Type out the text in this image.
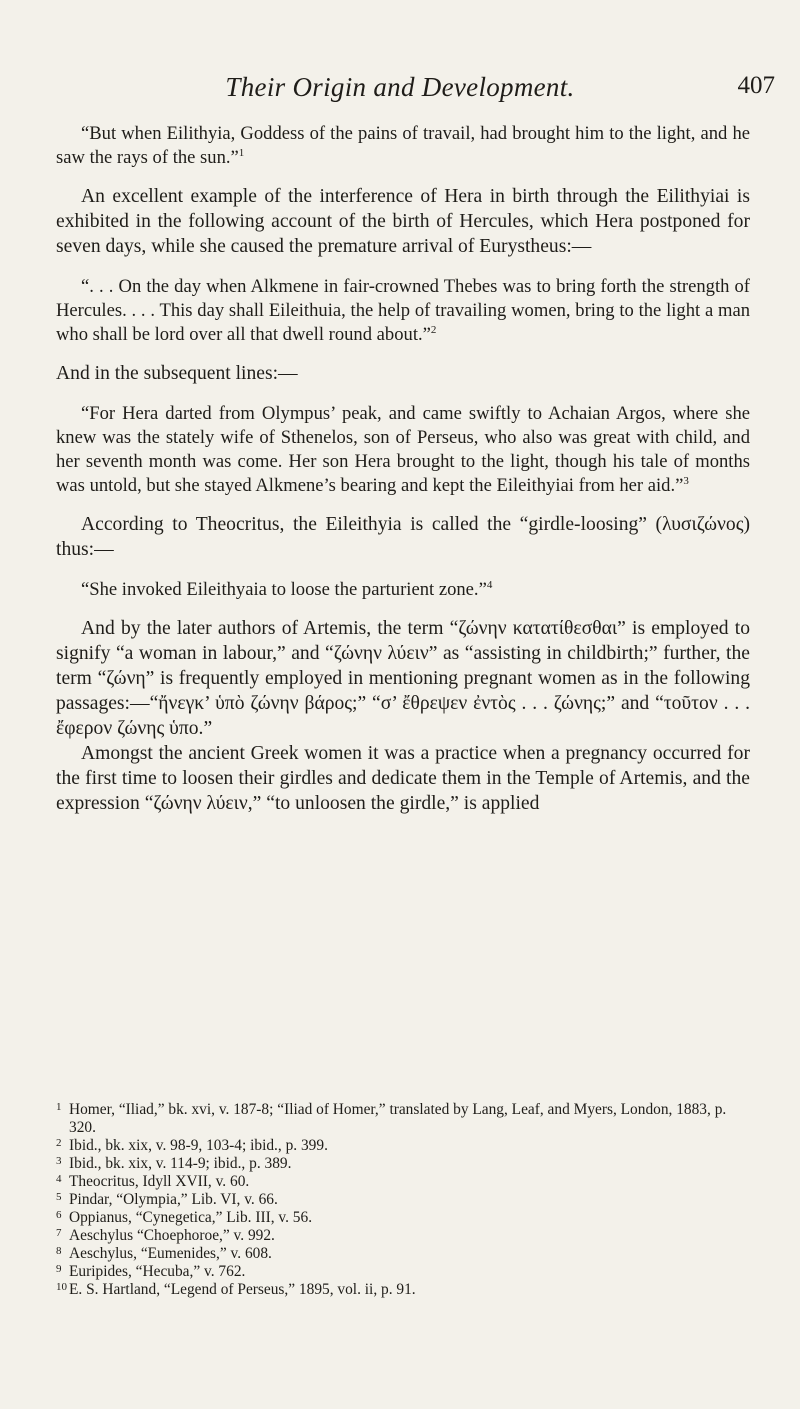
Their Origin and Development.	407

“But when Eilithyia, Goddess of the pains of travail, had brought him to the light, and he saw the rays of the sun.”$^1$

An excellent example of the interference of Hera in birth through the Eilithyiai is exhibited in the following account of the birth of Hercules, which Hera postponed for seven days, while she caused the premature arrival of Eurystheus:—

“. . . On the day when Alkmene in fair-crowned Thebes was to bring forth the strength of Hercules. . . . This day shall Eileithuia, the help of travailing women, bring to the light a man who shall be lord over all that dwell round about.”$^2$

And in the subsequent lines:—

“For Hera darted from Olympus’ peak, and came swiftly to Achaian Argos, where she knew was the stately wife of Sthenelos, son of Perseus, who also was great with child, and her seventh month was come. Her son Hera brought to the light, though his tale of months was untold, but she stayed Alkmene’s bearing and kept the Eileithyiai from her aid.”$^3$

According to Theocritus, the Eileithyia is called the “girdle-loosing” (λυσιζώνος) thus:—

“She invoked Eileithyaia to loose the parturient zone.”$^4$

And by the later authors of Artemis, the term “ζώνην κατατίθεσθαι” is employed to signify “a woman in labour,” and “ζώνην λύειν” as “assisting in childbirth;” further, the term “ζώνη” is frequently employed in mentioning pregnant women as in the following passages:—“ἤνεγκ’ ὑπὸ ζώνην βάρος;” “σ’ ἔθρεψεν ἐντὸς . . . ζώνης;” and “τοῦτον . . . ἔφερον ζώνης ὑπο.”

Amongst the ancient Greek women it was a practice when a pregnancy occurred for the first time to loosen their girdles and dedicate them in the Temple of Artemis, and the expression “ζώνην λύειν,” “to unloosen the girdle,” is applied

1 Homer, “Iliad,” bk. xvi, v. 187-8; “Iliad of Homer,” translated by Lang, Leaf, and Myers, London, 1883, p. 320.
2 Ibid., bk. xix, v. 98-9, 103-4; ibid., p. 399.
3 Ibid., bk. xix, v. 114-9; ibid., p. 389.
4 Theocritus, Idyll XVII, v. 60.
5 Pindar, “Olympia,” Lib. VI, v. 66.
6 Oppianus, “Cynegetica,” Lib. III, v. 56.
7 Aeschylus “Choephoroe,” v. 992.
8 Aeschylus, “Eumenides,” v. 608.
9 Euripides, “Hecuba,” v. 762.
10 E. S. Hartland, “Legend of Perseus,” 1895, vol. ii, p. 91.
